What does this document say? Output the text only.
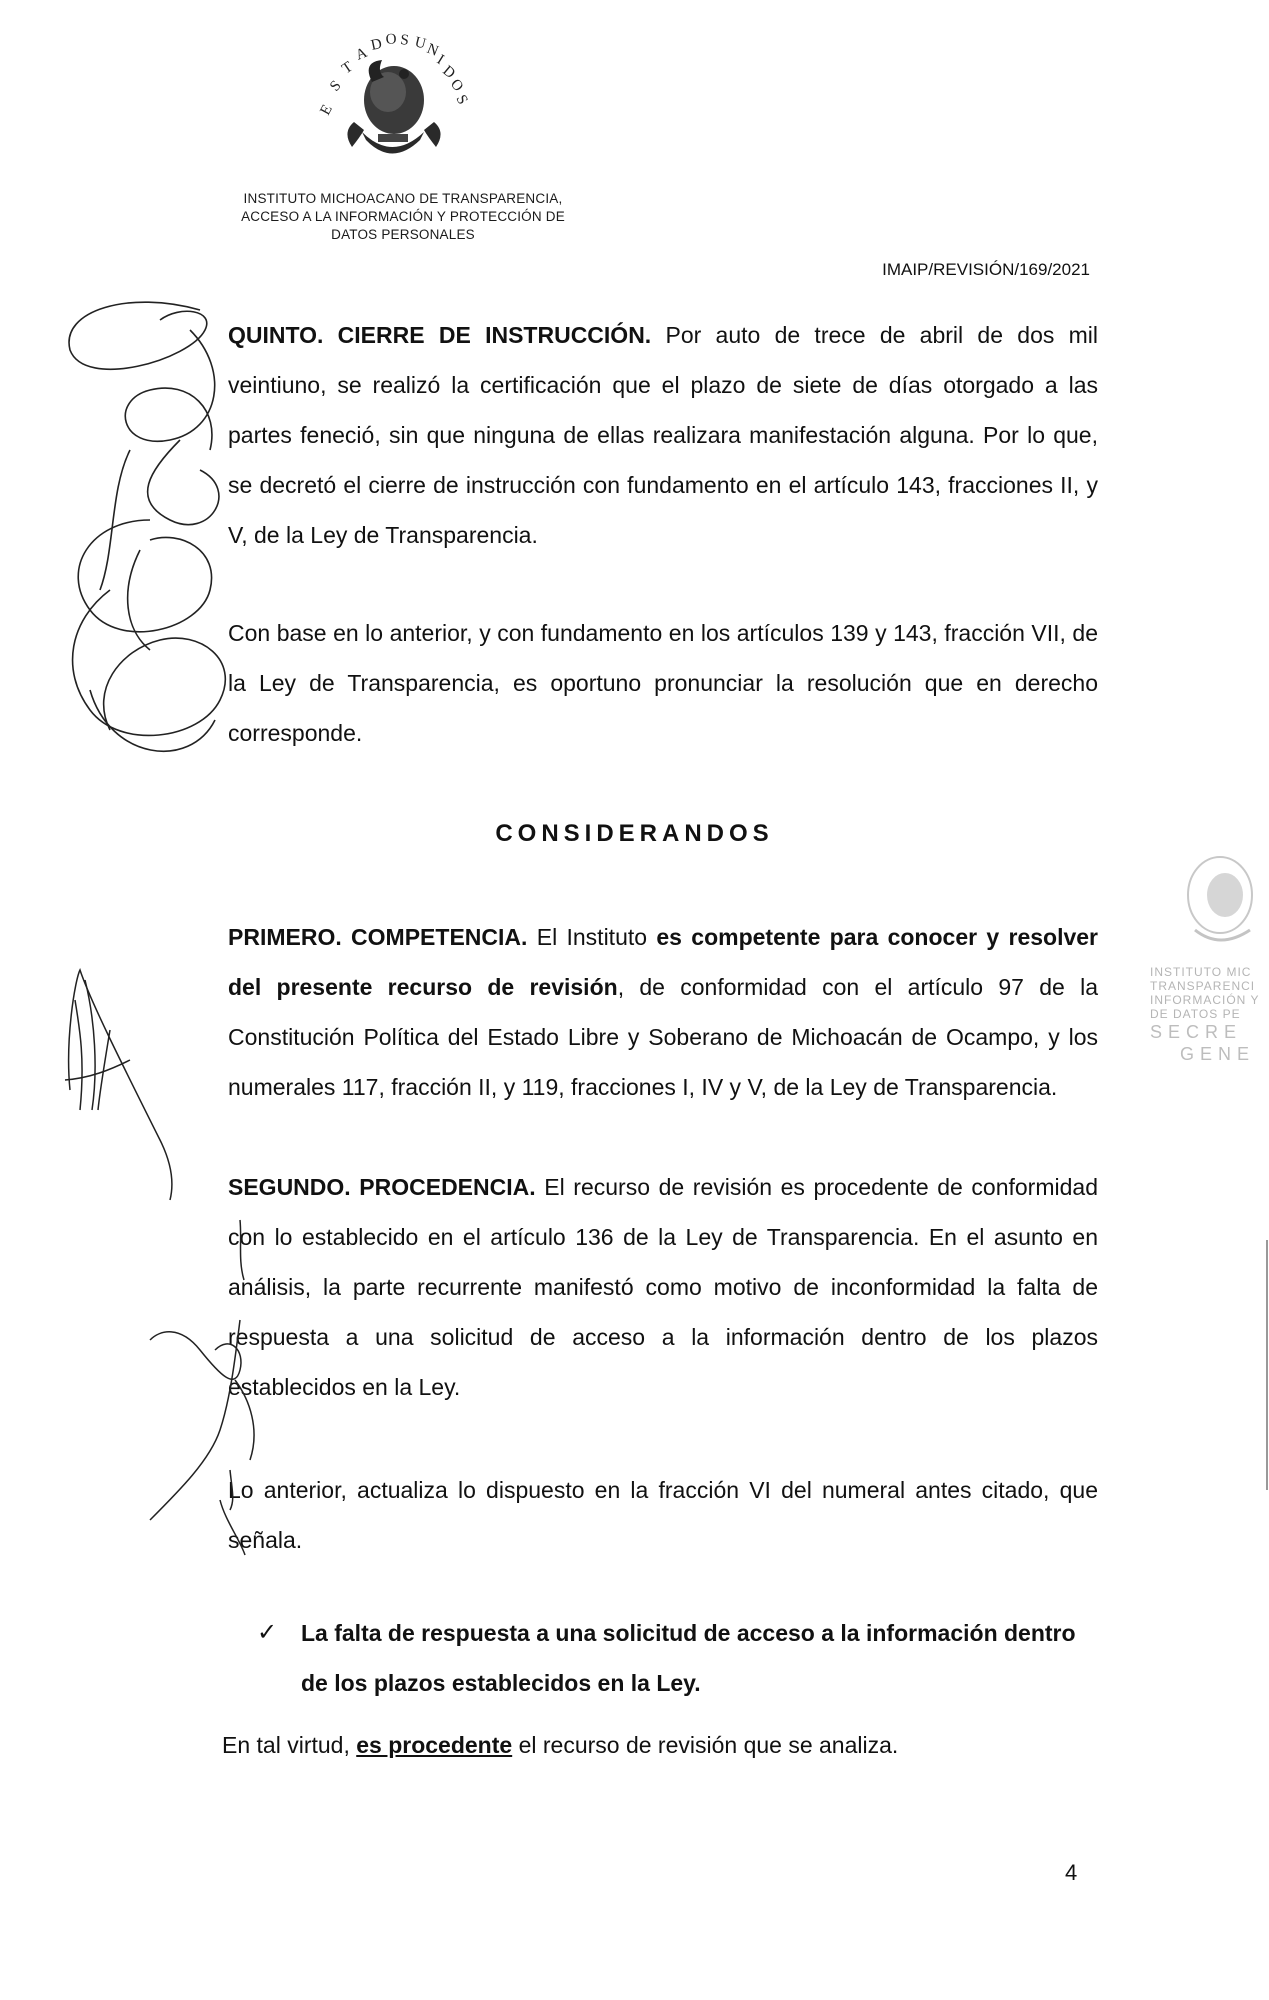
E
S
T
A D O S U
N
I
D
O
S
INSTITUTO MICHOACANO DE TRANSPARENCIA,
ACCESO A LA INFORMACIÓN Y PROTECCIÓN DE
DATOS PERSONALES
IMAIP/REVISIÓN/169/2021
QUINTO. CIERRE DE INSTRUCCIÓN. Por auto de trece de abril de dos mil veintiuno, se realizó la certificación que el plazo de siete de días otorgado a las partes feneció, sin que ninguna de ellas realizara manifestación alguna. Por lo que, se decretó el cierre de instrucción con fundamento en el artículo 143, fracciones II, y V, de la Ley de Transparencia.
Con base en lo anterior, y con fundamento en los artículos 139 y 143, fracción VII, de la Ley de Transparencia, es oportuno pronunciar la resolución que en derecho corresponde.
CONSIDERANDOS
PRIMERO. COMPETENCIA. El Instituto es competente para conocer y resolver del presente recurso de revisión, de conformidad con el artículo 97 de la Constitución Política del Estado Libre y Soberano de Michoacán de Ocampo, y los numerales 117, fracción II, y 119, fracciones I, IV y V, de la Ley de Transparencia.
SEGUNDO. PROCEDENCIA. El recurso de revisión es procedente de conformidad con lo establecido en el artículo 136 de la Ley de Transparencia. En el asunto en análisis, la parte recurrente manifestó como motivo de inconformidad la falta de respuesta a una solicitud de acceso a la información dentro de los plazos establecidos en la Ley.
Lo anterior, actualiza lo dispuesto en la fracción VI del numeral antes citado, que señala.
✓	La falta de respuesta a una solicitud de acceso a la información dentro de los plazos establecidos en la Ley.
En tal virtud, es procedente el recurso de revisión que se analiza.
4
INSTITUTO MIC
TRANSPARENCI
INFORMACIÓN Y
DE DATOS PE
SECRE
GENE
